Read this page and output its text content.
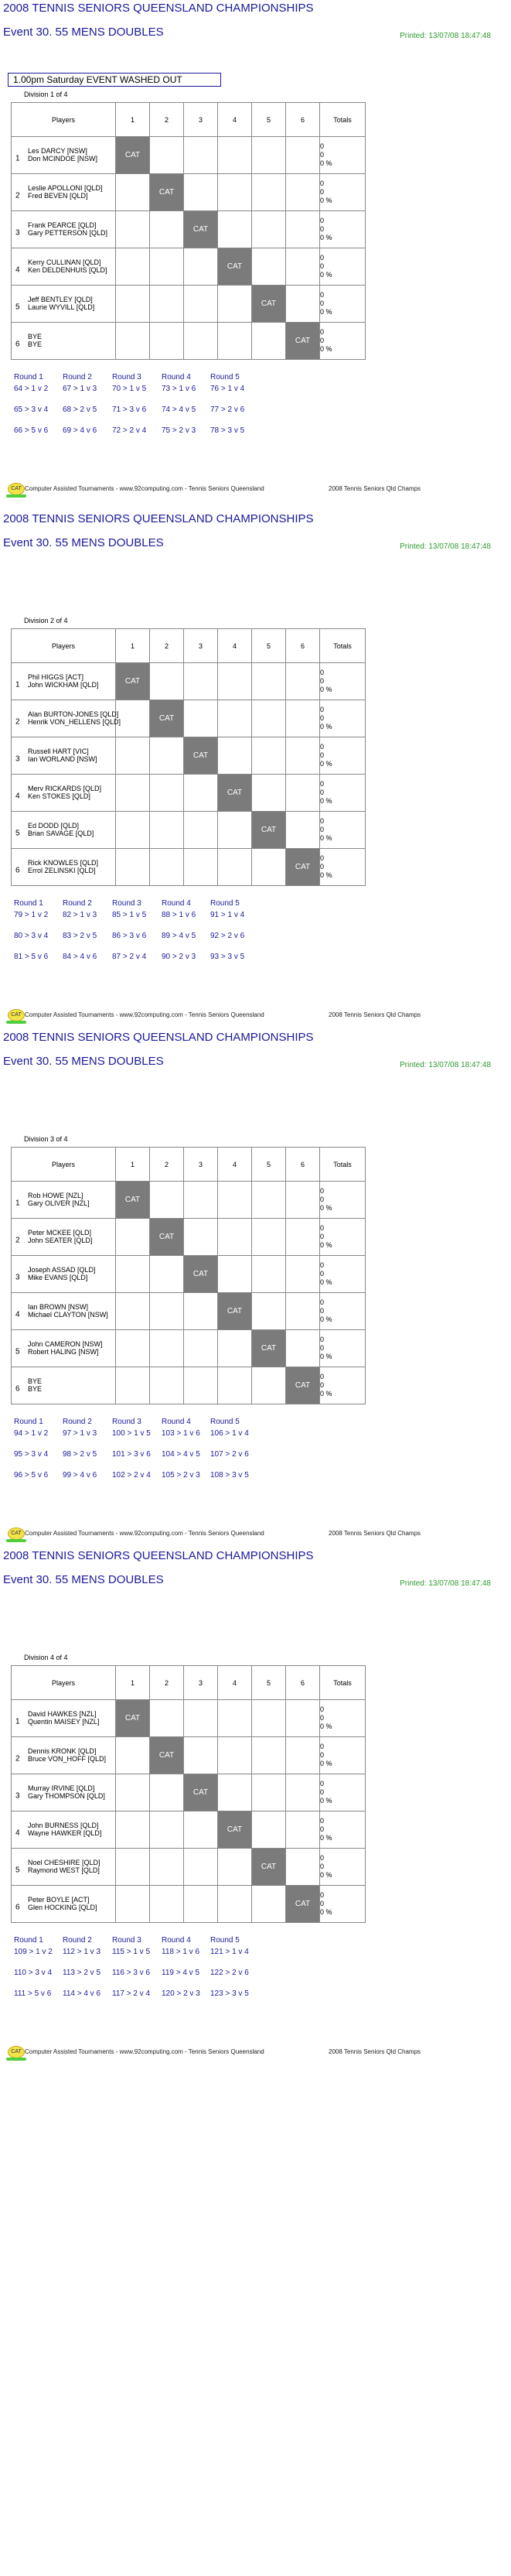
2008 TENNIS SENIORS QUEENSLAND CHAMPIONSHIPS
Event 30. 55 MENS DOUBLES	Printed: 13/07/08 18:47:48
Division 1 of 4
Players	1	2	3	4	5	6	Totals

1
Les DARCY [NSW]
Don MCINDOE [NSW]	CAT						0
0
0 %

2
Leslie APOLLONI [QLD]
Fred BEVEN [QLD]		CAT					0
0
0 %

3
Frank PEARCE [QLD]
Gary PETTERSON [QLD]			CAT				0
0
0 %

4
Kerry CULLINAN [QLD]
Ken DELDENHUIS [QLD]				CAT			0
0
0 %

5
Jeff BENTLEY [QLD]
Laurie WYVILL [QLD]					CAT		0
0
0 %

6
BYE
BYE						CAT	0
0
0 %
Round 1
64 > 1 v 2
65 > 3 v 4
66 > 5 v 6
Round 2
67 > 1 v 3
68 > 2 v 5
69 > 4 v 6
Round 3
70 > 1 v 5
71 > 3 v 6
72 > 2 v 4
Round 4
73 > 1 v 6
74 > 4 v 5
75 > 2 v 3
Round 5
76 > 1 v 4
77 > 2 v 6
78 > 3 v 5
CAT Computer Assisted Tournaments - www.92computing.com - Tennis Seniors Queensland	2008 Tennis Seniors Qld Champs
1.00pm Saturday EVENT WASHED OUT
2008 TENNIS SENIORS QUEENSLAND CHAMPIONSHIPS
Event 30. 55 MENS DOUBLES	Printed: 13/07/08 18:47:48
Division 2 of 4
Players	1	2	3	4	5	6	Totals

1
Phil HIGGS [ACT]
John WICKHAM [QLD]	CAT						0
0
0 %

2
Alan BURTON-JONES [QLD]
Henrik VON_HELLENS [QLD]		CAT					0
0
0 %

3
Russell HART [VIC]
Ian WORLAND [NSW]			CAT				0
0
0 %

4
Merv RICKARDS [QLD]
Ken STOKES [QLD]				CAT			0
0
0 %

5
Ed DODD [QLD]
Brian SAVAGE [QLD]					CAT		0
0
0 %

6
Rick KNOWLES [QLD]
Errol ZELINSKI [QLD]						CAT	0
0
0 %
Round 1
79 > 1 v 2
80 > 3 v 4
81 > 5 v 6
Round 2
82 > 1 v 3
83 > 2 v 5
84 > 4 v 6
Round 3
85 > 1 v 5
86 > 3 v 6
87 > 2 v 4
Round 4
88 > 1 v 6
89 > 4 v 5
90 > 2 v 3
Round 5
91 > 1 v 4
92 > 2 v 6
93 > 3 v 5
CAT Computer Assisted Tournaments - www.92computing.com - Tennis Seniors Queensland	2008 Tennis Seniors Qld Champs
2008 TENNIS SENIORS QUEENSLAND CHAMPIONSHIPS
Event 30. 55 MENS DOUBLES	Printed: 13/07/08 18:47:48
Division 3 of 4
Players	1	2	3	4	5	6	Totals

1
Rob HOWE [NZL]
Gary OLIVER [NZL]	CAT						0
0
0 %

2
Peter MCKEE [QLD]
John SEATER [QLD]		CAT					0
0
0 %

3
Joseph ASSAD [QLD]
Mike EVANS [QLD]			CAT				0
0
0 %

4
Ian BROWN [NSW]
Michael CLAYTON [NSW]				CAT			0
0
0 %

5
John CAMERON [NSW]
Robert HALING [NSW]					CAT		0
0
0 %

6
BYE
BYE						CAT	0
0
0 %
Round 1
94 > 1 v 2
95 > 3 v 4
96 > 5 v 6
Round 2
97 > 1 v 3
98 > 2 v 5
99 > 4 v 6
Round 3
100 > 1 v 5
101 > 3 v 6
102 > 2 v 4
Round 4
103 > 1 v 6
104 > 4 v 5
105 > 2 v 3
Round 5
106 > 1 v 4
107 > 2 v 6
108 > 3 v 5
CAT Computer Assisted Tournaments - www.92computing.com - Tennis Seniors Queensland	2008 Tennis Seniors Qld Champs
2008 TENNIS SENIORS QUEENSLAND CHAMPIONSHIPS
Event 30. 55 MENS DOUBLES	Printed: 13/07/08 18:47:48
Division 4 of 4
Players	1	2	3	4	5	6	Totals

1
David HAWKES [NZL]
Quentin MAISEY [NZL]	CAT						0
0
0 %

2
Dennis KRONK [QLD]
Bruce VON_HOFF [QLD]		CAT					0
0
0 %

3
Murray IRVINE [QLD]
Gary THOMPSON [QLD]			CAT				0
0
0 %

4
John BURNESS [QLD]
Wayne HAWKER [QLD]				CAT			0
0
0 %

5
Noel CHESHIRE [QLD]
Raymond WEST [QLD]					CAT		0
0
0 %

6
Peter BOYLE [ACT]
Glen HOCKING [QLD]						CAT	0
0
0 %
Round 1
109 > 1 v 2
110 > 3 v 4
111 > 5 v 6
Round 2
112 > 1 v 3
113 > 2 v 5
114 > 4 v 6
Round 3
115 > 1 v 5
116 > 3 v 6
117 > 2 v 4
Round 4
118 > 1 v 6
119 > 4 v 5
120 > 2 v 3
Round 5
121 > 1 v 4
122 > 2 v 6
123 > 3 v 5
CAT Computer Assisted Tournaments - www.92computing.com - Tennis Seniors Queensland	2008 Tennis Seniors Qld Champs
